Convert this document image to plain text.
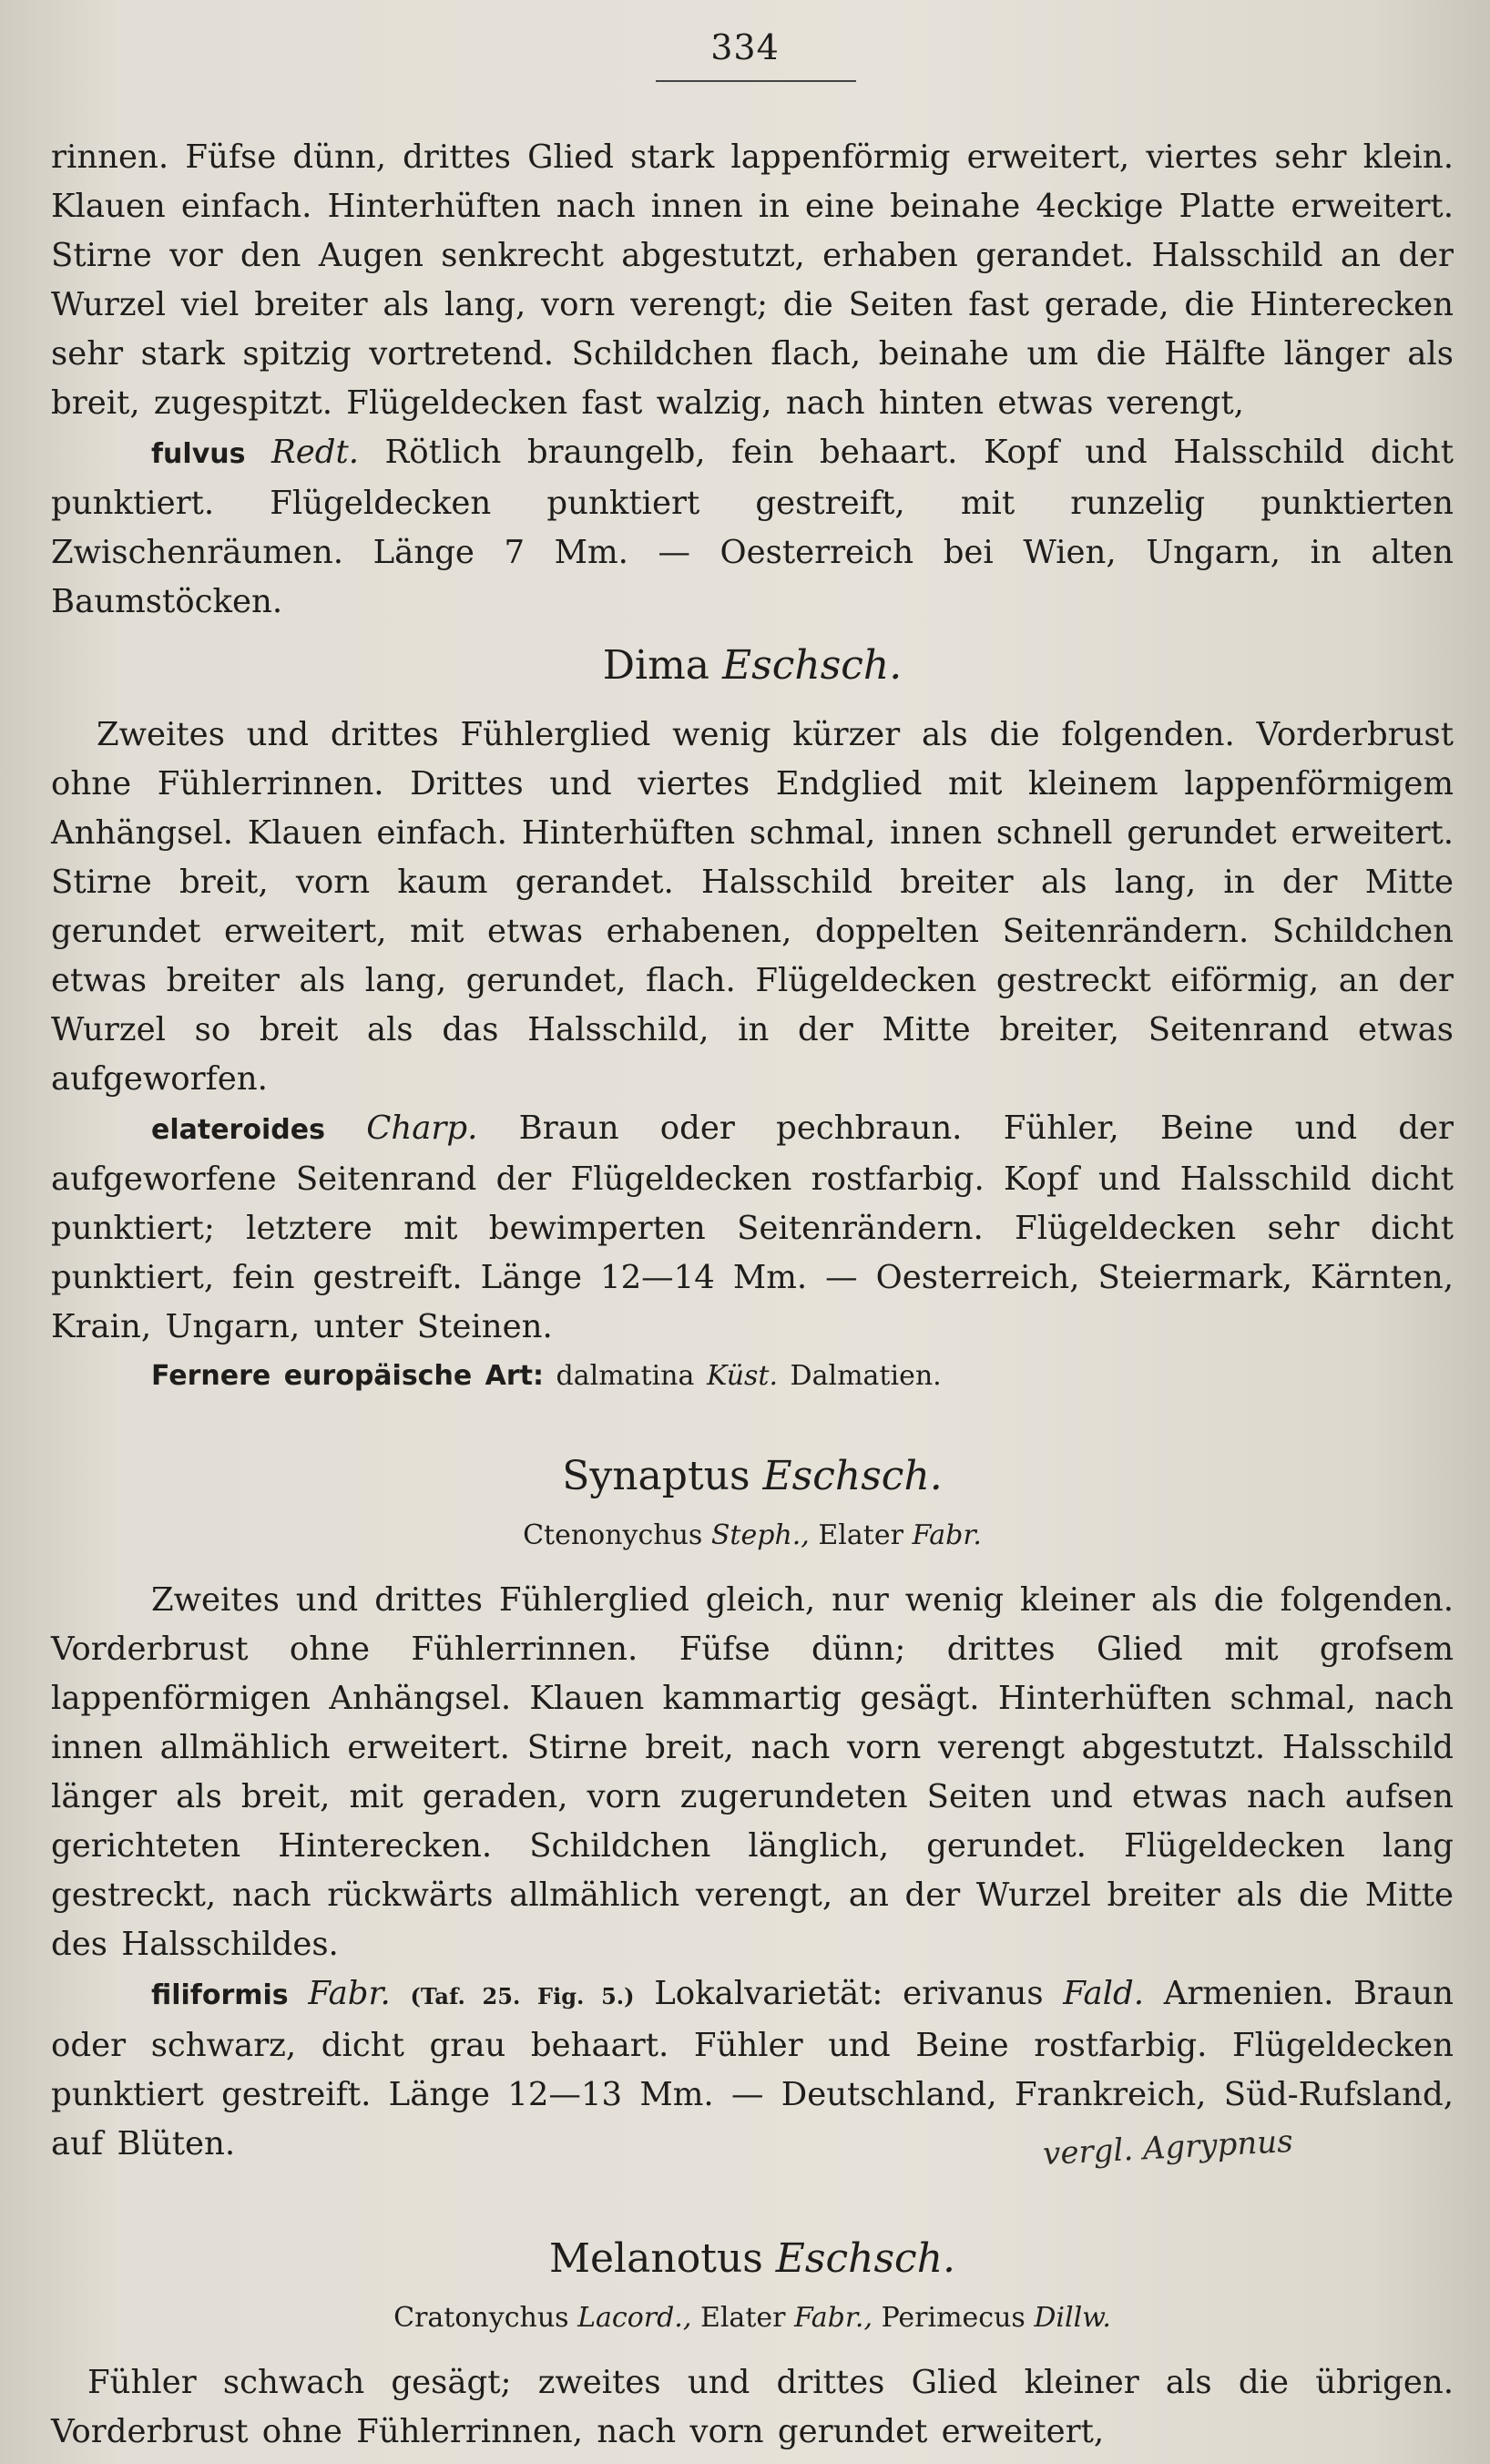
334

rinnen. Füfse dünn, drittes Glied stark lappenförmig erweitert, viertes sehr klein. Klauen einfach. Hinterhüften nach innen in eine beinahe 4eckige Platte erweitert. Stirne vor den Augen senkrecht abgestutzt, erhaben gerandet. Halsschild an der Wurzel viel breiter als lang, vorn verengt; die Seiten fast gerade, die Hinterecken sehr stark spitzig vortretend. Schildchen flach, beinahe um die Hälfte länger als breit, zugespitzt. Flügeldecken fast walzig, nach hinten etwas verengt,

fulvus Redt. Rötlich braungelb, fein behaart. Kopf und Halsschild dicht punktiert. Flügeldecken punktiert gestreift, mit runzelig punktierten Zwischenräumen. Länge 7 Mm. — Oesterreich bei Wien, Ungarn, in alten Baumstöcken.

Dima Eschsch.

Zweites und drittes Fühlerglied wenig kürzer als die folgenden. Vorderbrust ohne Fühlerrinnen. Drittes und viertes Endglied mit kleinem lappenförmigem Anhängsel. Klauen einfach. Hinterhüften schmal, innen schnell gerundet erweitert. Stirne breit, vorn kaum gerandet. Halsschild breiter als lang, in der Mitte gerundet erweitert, mit etwas erhabenen, doppelten Seitenrändern. Schildchen etwas breiter als lang, gerundet, flach. Flügeldecken gestreckt eiförmig, an der Wurzel so breit als das Halsschild, in der Mitte breiter, Seitenrand etwas aufgeworfen.

elateroides Charp. Braun oder pechbraun. Fühler, Beine und der aufgeworfene Seitenrand der Flügeldecken rostfarbig. Kopf und Halsschild dicht punktiert; letztere mit bewimperten Seitenrändern. Flügeldecken sehr dicht punktiert, fein gestreift. Länge 12—14 Mm. — Oesterreich, Steiermark, Kärnten, Krain, Ungarn, unter Steinen.

Fernere europäische Art: dalmatina Küst. Dalmatien.

Synaptus Eschsch.
Ctenonychus Steph., Elater Fabr.

Zweites und drittes Fühlerglied gleich, nur wenig kleiner als die folgenden. Vorderbrust ohne Fühlerrinnen. Füfse dünn; drittes Glied mit grofsem lappenförmigen Anhängsel. Klauen kammartig gesägt. Hinterhüften schmal, nach innen allmählich erweitert. Stirne breit, nach vorn verengt abgestutzt. Halsschild länger als breit, mit geraden, vorn zugerundeten Seiten und etwas nach aufsen gerichteten Hinterecken. Schildchen länglich, gerundet. Flügeldecken lang gestreckt, nach rückwärts allmählich verengt, an der Wurzel breiter als die Mitte des Halsschildes.

filiformis Fabr. (Taf. 25. Fig. 5.) Lokalvarietät: erivanus Fald. Armenien. Braun oder schwarz, dicht grau behaart. Fühler und Beine rostfarbig. Flügeldecken punktiert gestreift. Länge 12—13 Mm. — Deutschland, Frankreich, Süd-Rufsland, auf Blüten.

Melanotus Eschsch.
Cratonychus Lacord., Elater Fabr., Perimecus Dillw.

Fühler schwach gesägt; zweites und drittes Glied kleiner als die übrigen. Vorderbrust ohne Fühlerrinnen, nach vorn gerundet erweitert,

vergl. Agrypnus
